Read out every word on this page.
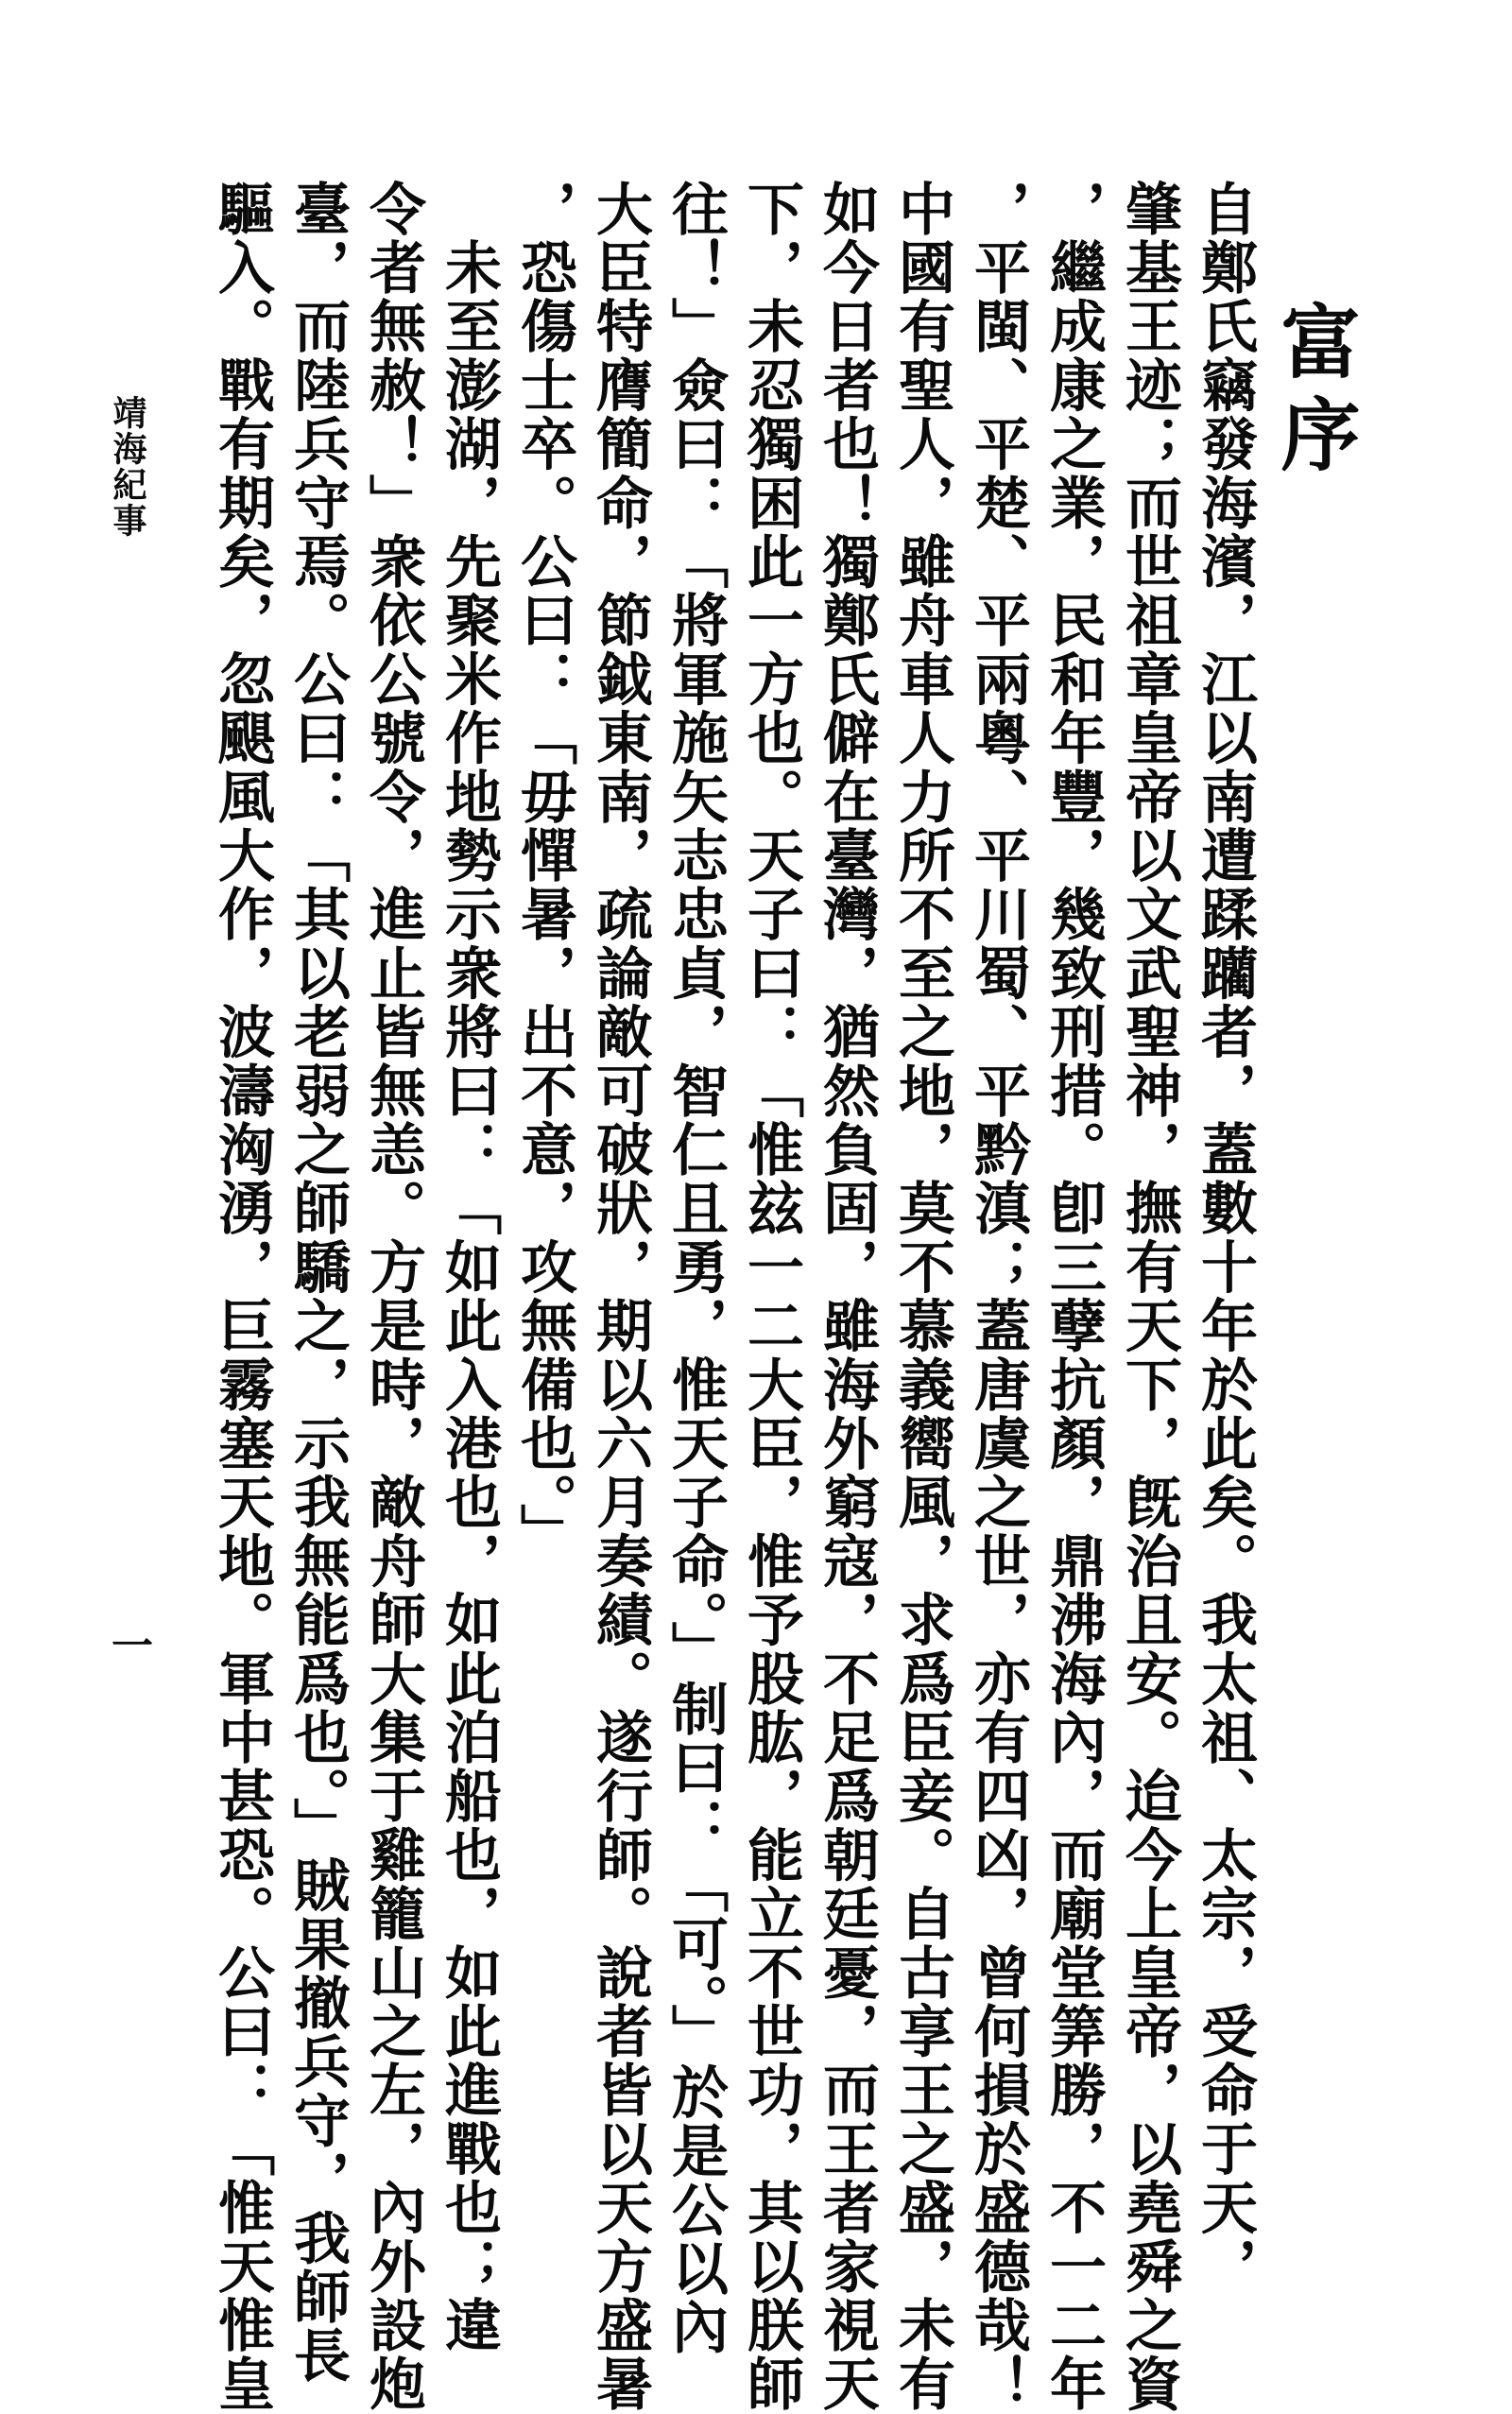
富序
自鄭氏竊發海濱，江以南遭蹂躪者，蓋數十年於此矣。我太祖、太宗，受命于天，
肇基王迹；而世祖章皇帝以文武聖神，撫有天下，旣治且安。迨今上皇帝，以堯舜之資
，繼成康之業，民和年豐，幾致刑措。卽三孽抗顏，鼎沸海內，而廟堂筭勝，不一二年
，平閩、平楚、平兩粵、平川蜀、平黔滇；蓋唐虞之世，亦有四凶，曾何損於盛德哉！
中國有聖人，雖舟車人力所不至之地，莫不慕義嚮風，求爲臣妾。自古享王之盛，未有
如今日者也！獨鄭氏僻在臺灣，猶然負固，雖海外窮寇，不足爲朝廷憂，而王者家視天
下，未忍獨困此一方也。天子曰：「惟玆一二大臣，惟予股肱，能立不世功，其以朕師
往！」僉曰：「將軍施矢志忠貞，智仁且勇，惟天子命。」制曰：「可。」於是公以內
大臣特膺簡命，節鉞東南，疏論敵可破狀，期以六月奏績。遂行師。說者皆以天方盛暑
，恐傷士卒。公曰：「毋憚暑，出不意，攻無備也。」
　未至澎湖，先聚米作地勢示衆將曰：「如此入港也，如此泊船也，如此進戰也；違
令者無赦！」衆依公號令，進止皆無恙。方是時，敵舟師大集于雞籠山之左，內外設炮
臺，而陸兵守焉。公曰：「其以老弱之師驕之，示我無能爲也。」賊果撤兵守，我師長
驅入。戰有期矣，忽颶風大作，波濤洶湧，巨霧塞天地。軍中甚恐。公曰：「惟天惟皇
靖海紀事
一
